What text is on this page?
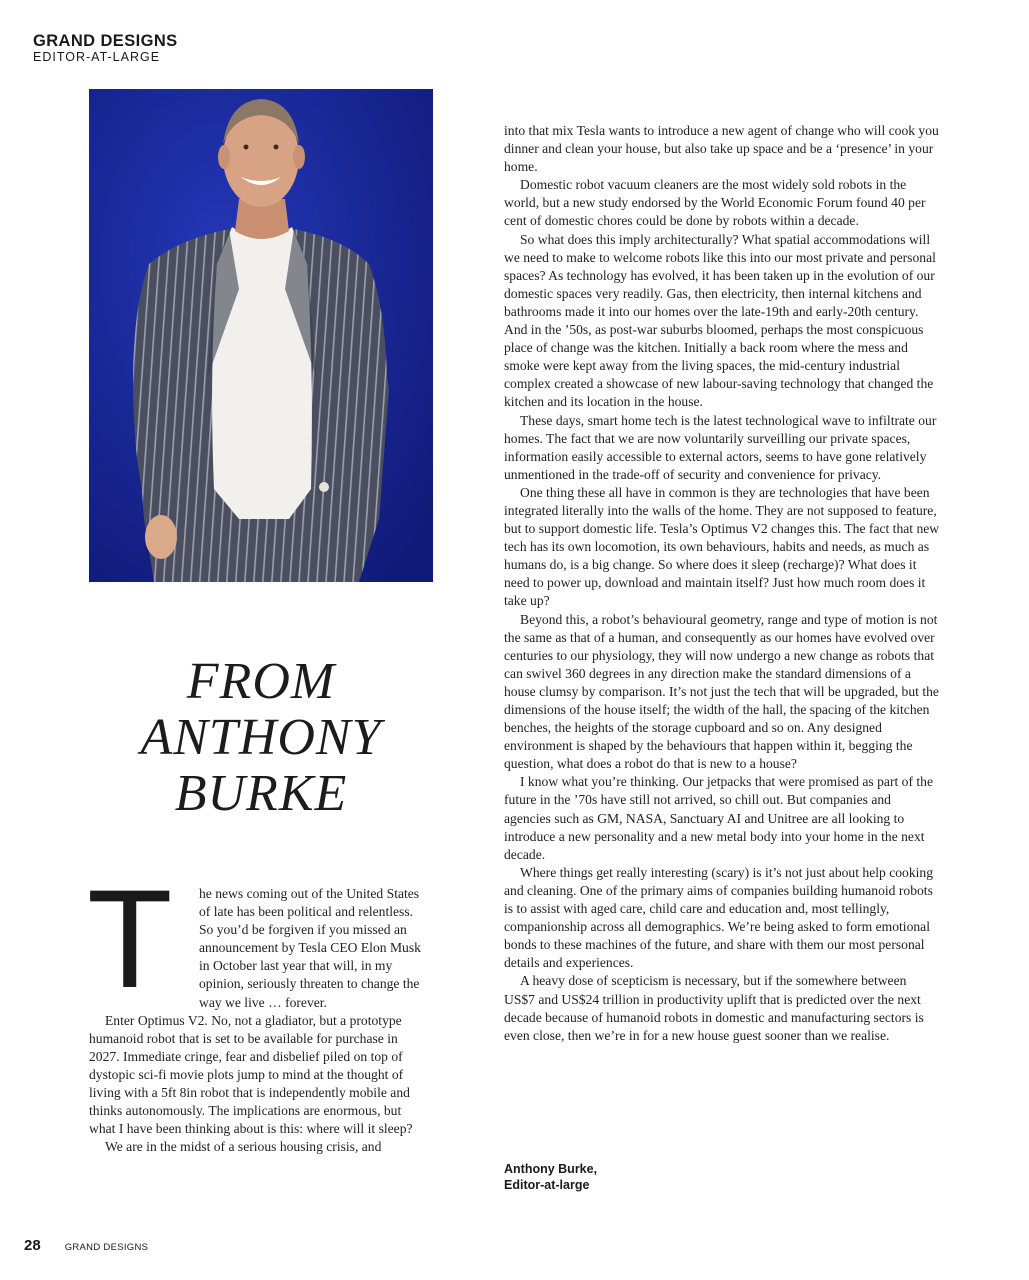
GRAND DESIGNS
EDITOR-AT-LARGE
FROM
ANTHONY
BURKE
T	he news coming out of the United States of late has been political and relentless. So you’d be forgiven if you missed an announcement by Tesla CEO Elon Musk in October last year that will, in my opinion, seriously threaten to change the way we live … forever.

Enter Optimus V2. No, not a gladiator, but a prototype humanoid robot that is set to be available for purchase in 2027. Immediate cringe, fear and disbelief piled on top of dystopic sci-fi movie plots jump to mind at the thought of living with a 5ft 8in robot that is independently mobile and thinks autonomously. The implications are enormous, but what I have been thinking about is this: where will it sleep?

We are in the midst of a serious housing crisis, and

into that mix Tesla wants to introduce a new agent of change who will cook you dinner and clean your house, but also take up space and be a ‘presence’ in your home.

Domestic robot vacuum cleaners are the most widely sold robots in the world, but a new study endorsed by the World Economic Forum found 40 per cent of domestic chores could be done by robots within a decade.

So what does this imply architecturally? What spatial accommodations will we need to make to welcome robots like this into our most private and personal spaces? As technology has evolved, it has been taken up in the evolution of our domestic spaces very readily. Gas, then electricity, then internal kitchens and bathrooms made it into our homes over the late-19th and early-20th century. And in the ’50s, as post-war suburbs bloomed, perhaps the most conspicuous place of change was the kitchen. Initially a back room where the mess and smoke were kept away from the living spaces, the mid-century industrial complex created a showcase of new labour-saving technology that changed the kitchen and its location in the house.

These days, smart home tech is the latest technological wave to infiltrate our homes. The fact that we are now voluntarily surveilling our private spaces, information easily accessible to external actors, seems to have gone relatively unmentioned in the trade-off of security and convenience for privacy.

One thing these all have in common is they are technologies that have been integrated literally into the walls of the home. They are not supposed to feature, but to support domestic life. Tesla’s Optimus V2 changes this. The fact that new tech has its own locomotion, its own behaviours, habits and needs, as much as humans do, is a big change. So where does it sleep (recharge)? What does it need to power up, download and maintain itself? Just how much room does it take up?

Beyond this, a robot’s behavioural geometry, range and type of motion is not the same as that of a human, and consequently as our homes have evolved over centuries to our physiology, they will now undergo a new change as robots that can swivel 360 degrees in any direction make the standard dimensions of a house clumsy by comparison. It’s not just the tech that will be upgraded, but the dimensions of the house itself; the width of the hall, the spacing of the kitchen benches, the heights of the storage cupboard and so on. Any designed environment is shaped by the behaviours that happen within it, begging the question, what does a robot do that is new to a house?

I know what you’re thinking. Our jetpacks that were promised as part of the future in the ’70s have still not arrived, so chill out. But companies and agencies such as GM, NASA, Sanctuary AI and Unitree are all looking to introduce a new personality and a new metal body into your home in the next decade.

Where things get really interesting (scary) is it’s not just about help cooking and cleaning. One of the primary aims of companies building humanoid robots is to assist with aged care, child care and education and, most tellingly, companionship across all demographics. We’re being asked to form emotional bonds to these machines of the future, and share with them our most personal details and experiences.

A heavy dose of scepticism is necessary, but if the somewhere between US$7 and US$24 trillion in productivity uplift that is predicted over the next decade because of humanoid robots in domestic and manufacturing sectors is even close, then we’re in for a new house guest sooner than we realise.

Anthony Burke,
Editor-at-large
28	GRAND DESIGNS
